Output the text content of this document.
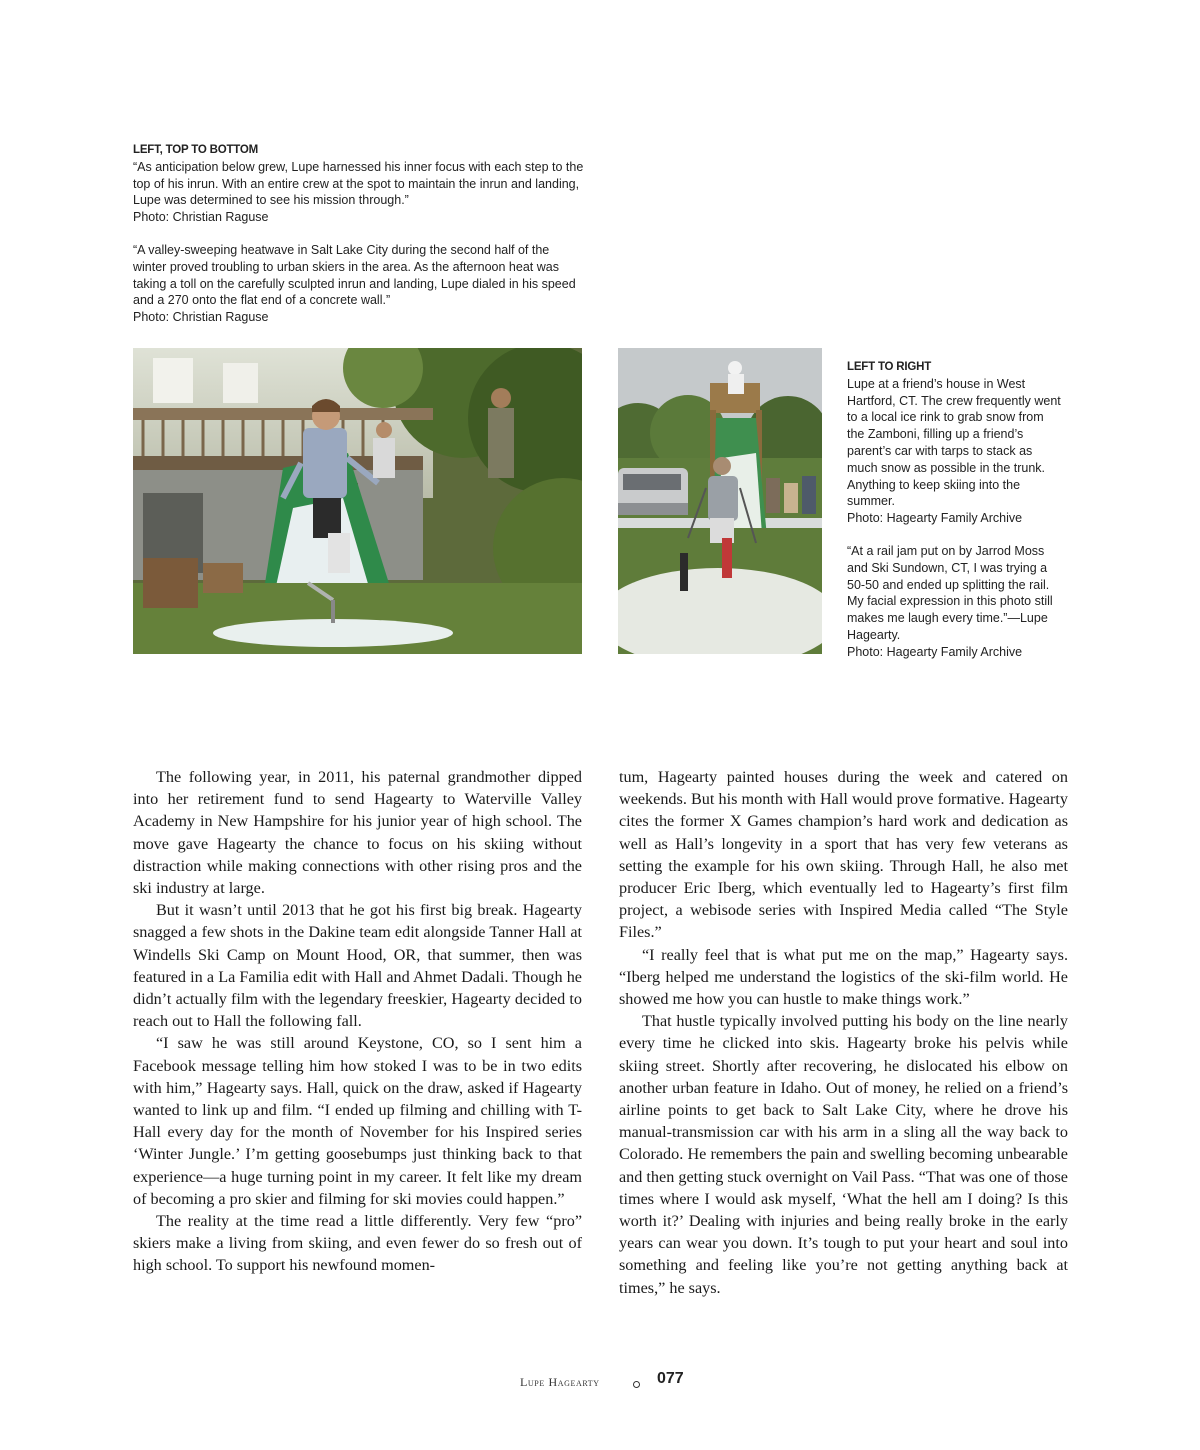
LEFT, TOP TO BOTTOM

“As anticipation below grew, Lupe harnessed his inner focus with each step to the top of his inrun. With an entire crew at the spot to maintain the inrun and landing, Lupe was determined to see his mission through.”

Photo: Christian Raguse

“A valley-sweeping heatwave in Salt Lake City during the second half of the winter proved troubling to urban skiers in the area. As the afternoon heat was taking a toll on the carefully sculpted inrun and landing, Lupe dialed in his speed and a 270 onto the flat end of a concrete wall.”

Photo: Christian Raguse
LEFT TO RIGHT

Lupe at a friend’s house in West Hartford, CT. The crew frequently went to a local ice rink to grab snow from the Zamboni, filling up a friend’s parent’s car with tarps to stack as much snow as possible in the trunk. Anything to keep skiing into the summer.

Photo: Hagearty Family Archive

“At a rail jam put on by Jarrod Moss and Ski Sundown, CT, I was trying a 50-50 and ended up splitting the rail. My facial expression in this photo still makes me laugh every time.”—Lupe Hagearty.

Photo: Hagearty Family Archive

The following year, in 2011, his paternal grandmother dipped into her retirement fund to send Hagearty to Waterville Valley Academy in New Hampshire for his junior year of high school. The move gave Hagearty the chance to focus on his skiing without distraction while making connections with other rising pros and the ski industry at large.

But it wasn’t until 2013 that he got his first big break. Hagearty snagged a few shots in the Dakine team edit alongside Tanner Hall at Windells Ski Camp on Mount Hood, OR, that summer, then was featured in a La Familia edit with Hall and Ahmet Dadali. Though he didn’t actually film with the legendary freeskier, Hagearty decided to reach out to Hall the following fall.

“I saw he was still around Keystone, CO, so I sent him a Facebook message telling him how stoked I was to be in two edits with him,” Hagearty says. Hall, quick on the draw, asked if Hagearty wanted to link up and film. “I ended up filming and chilling with T-Hall every day for the month of November for his Inspired series ‘Winter Jungle.’ I’m getting goosebumps just thinking back to that experience—a huge turning point in my career. It felt like my dream of becoming a pro skier and filming for ski movies could happen.”

The reality at the time read a little differently. Very few “pro” skiers make a living from skiing, and even fewer do so fresh out of high school. To support his newfound momen-

tum, Hagearty painted houses during the week and catered on weekends. But his month with Hall would prove formative. Hagearty cites the former X Games champion’s hard work and dedication as well as Hall’s longevity in a sport that has very few veterans as setting the example for his own skiing. Through Hall, he also met producer Eric Iberg, which eventually led to Hagearty’s first film project, a webisode series with Inspired Media called “The Style Files.”

“I really feel that is what put me on the map,” Hagearty says. “Iberg helped me understand the logistics of the ski-film world. He showed me how you can hustle to make things work.”

That hustle typically involved putting his body on the line nearly every time he clicked into skis. Hagearty broke his pelvis while skiing street. Shortly after recovering, he dislocated his elbow on another urban feature in Idaho. Out of money, he relied on a friend’s airline points to get back to Salt Lake City, where he drove his manual-transmission car with his arm in a sling all the way back to Colorado. He remembers the pain and swelling becoming unbearable and then getting stuck overnight on Vail Pass. “That was one of those times where I would ask myself, ‘What the hell am I doing? Is this worth it?’ Dealing with injuries and being really broke in the early years can wear you down. It’s tough to put your heart and soul into something and feeling like you’re not getting anything back at times,” he says.

Lupe Hagearty	077
